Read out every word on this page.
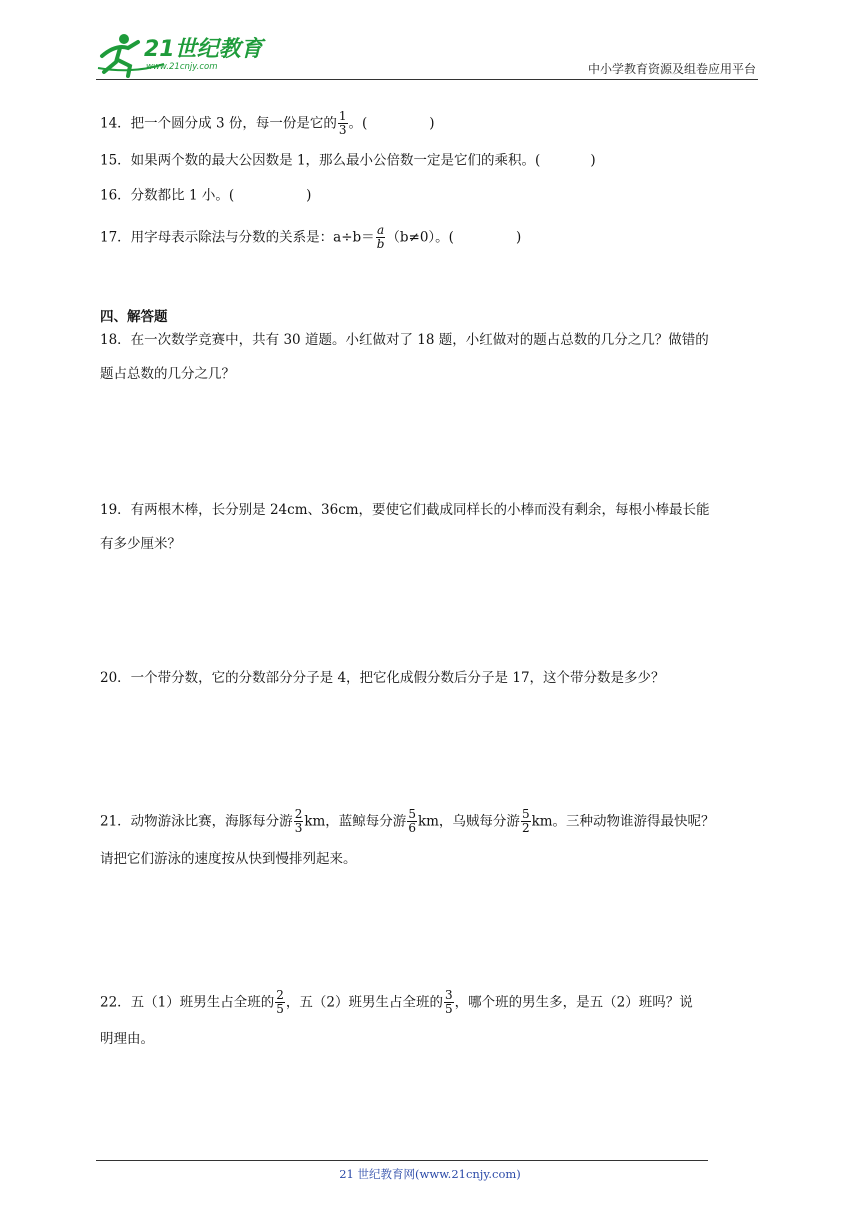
21世纪教育
www.21cnjy.com	中小学教育资源及组卷应用平台
14．把一个圆分成 3 份，每一份是它的 $\frac{1}{3}$ 。(	)
15．如果两个数的最大公因数是 1，那么最小公倍数一定是它们的乘积。(	)
16．分数都比 1 小。(	)
17．用字母表示除法与分数的关系是：$a\div b= \frac{a}{b} (b\ne 0)$。(	)
四、解答题
18．在一次数学竞赛中，共有 30 道题。小红做对了 18 题，小红做对的题占总数的几分之几？做错的
题占总数的几分之几？
19．有两根木棒，长分别是 24cm、36cm，要使它们截成同样长的小棒而没有剩余，每根小棒最长能
有多少厘米？
20．一个带分数，它的分数部分分子是 4，把它化成假分数后分子是 17，这个带分数是多少？
21．动物游泳比赛，海豚每分游 $\frac{2}{3}$ km，蓝鲸每分游 $\frac{5}{6}$ km，乌贼每分游 $\frac{5}{2}$ km。三种动物谁游得最快呢？
请把它们游泳的速度按从快到慢排列起来。
22．五（1）班男生占全班的 $\frac{2}{5}$ ，五（2）班男生占全班的 $\frac{3}{5}$ ，哪个班的男生多，是五（2）班吗？说
明理由。
21 世纪教育网(www.21cnjy.com)
